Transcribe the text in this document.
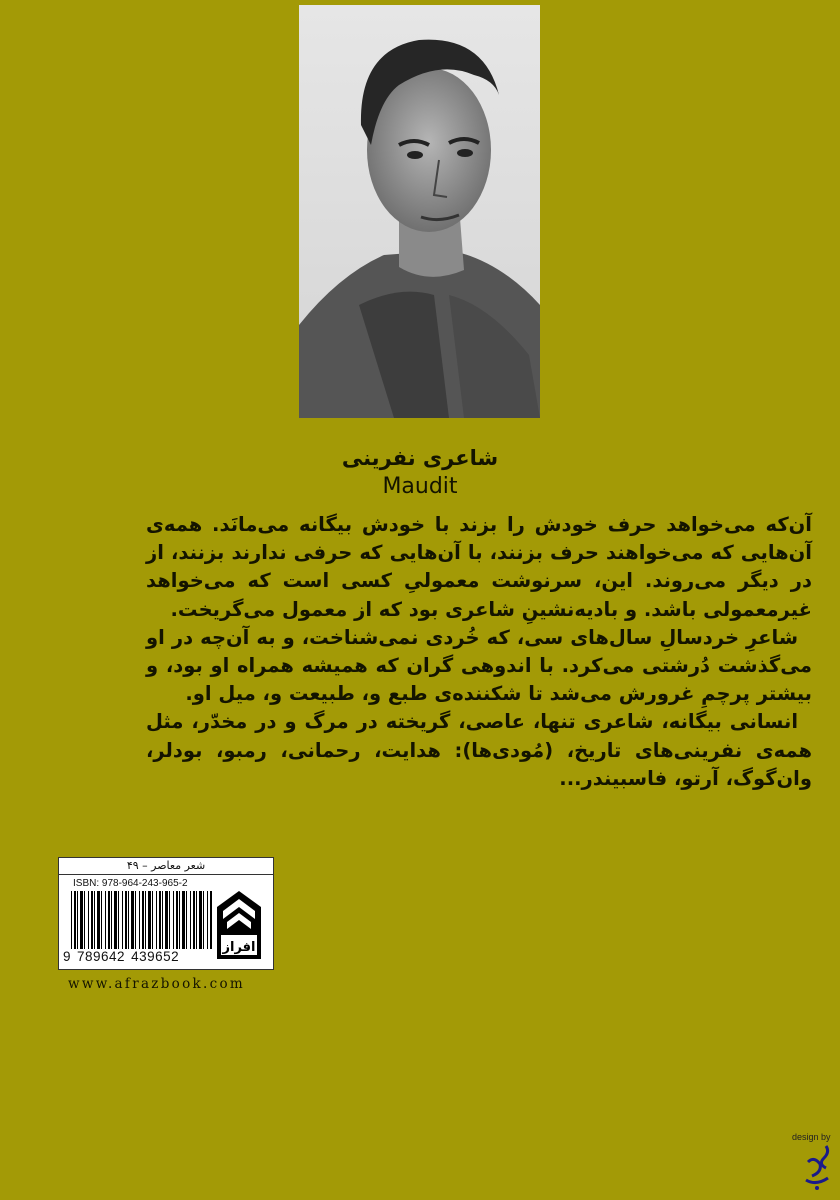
شاعری نفرینی
Maudit

آن‌که می‌خواهد حرف خودش را بزند با خودش بیگانه می‌مانَد. همه‌ی آن‌هایی که می‌خواهند حرف بزنند، با آن‌هایی که حرفی ندارند بزنند، از در دیگر می‌روند. این، سرنوشت معمولیِ کسی است که می‌خواهد غیرمعمولی باشد. و بادیه‌نشینِ شاعری بود که از معمول می‌گریخت.

شاعرِ خردسالِ سال‌های سی، که خُردی نمی‌شناخت، و به آن‌چه در او می‌گذشت دُرشتی می‌کرد. با اندوهی گران که همیشه همراه او بود، و بیشتر پرچمِ غرورش می‌شد تا شکننده‌ی طبع و، طبیعت و، میل او.

انسانی بیگانه، شاعری تنها، عاصی، گریخته در مرگ و در مخدّر، مثل همه‌ی نفرینی‌های تاریخ، (مُودی‌ها): هدایت، رحمانی، رمبو، بودلر، وان‌گوگ، آرتو، فاسبیندر...

شعر معاصر – ۴۹
ISBN: 978-964-243-965-2
9 789642 439652
افراز
www.afrazbook.com
design by
